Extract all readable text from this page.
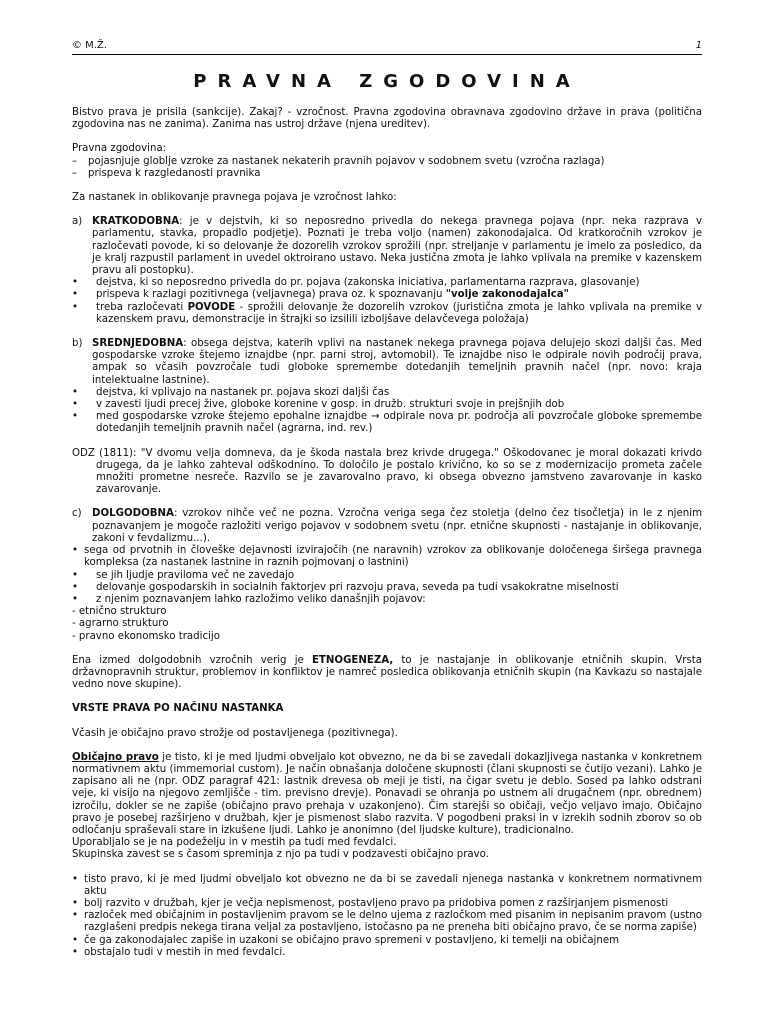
© M.Ž.	1
PRAVNA ZGODOVINA

Bistvo prava je prisila (sankcije). Zakaj? - vzročnost. Pravna zgodovina obravnava zgodovino države in prava (politična zgodovina nas ne zanima). Zanima nas ustroj države (njena ureditev).

Pravna zgodovina:

– pojasnjuje globlje vzroke za nastanek nekaterih pravnih pojavov v sodobnem svetu (vzročna razlaga)
– prispeva k razgledanosti pravnika

Za nastanek in oblikovanje pravnega pojava je vzročnost lahko:

a) KRATKODOBNA: je v dejstvih, ki so neposredno privedla do nekega pravnega pojava (npr. neka razprava v parlamentu, stavka, propadlo podjetje). Poznati je treba voljo (namen) zakonodajalca. Od kratkoročnih vzrokov je razločevati povode, ki so delovanje že dozorelih vzrokov sprožili (npr. streljanje v parlamentu je imelo za posledico, da je kralj razpustil parlament in uvedel oktroirano ustavo. Neka justična zmota je lahko vplivala na premike v kazenskem pravu ali postopku).
• dejstva, ki so neposredno privedla do pr. pojava (zakonska iniciativa, parlamentarna razprava, glasovanje)
• prispeva k razlagi pozitivnega (veljavnega) prava oz. k spoznavanju "volje zakonodajalca"
• treba razločevati POVODE - sprožili delovanje že dozorelih vzrokov (juristična zmota je lahko vplivala na premike v kazenskem pravu, demonstracije in štrajki so izsilili izboljšave delavčevega položaja)
b) SREDNJEDOBNA: obsega dejstva, katerih vplivi na nastanek nekega pravnega pojava delujejo skozi daljši čas. Med gospodarske vzroke štejemo iznajdbe (npr. parni stroj, avtomobil). Te iznajdbe niso le odpirale novih področij prava, ampak so včasih povzročale tudi globoke spremembe dotedanjih temeljnih pravnih načel (npr. novo: kraja intelektualne lastnine).
• dejstva, ki vplivajo na nastanek pr. pojava skozi daljši čas
• v zavesti ljudi precej žive, globoke korenine v gosp. in družb. strukturi svoje in prejšnjih dob
• med gospodarske vzroke štejemo epohalne iznajdbe → odpirale nova pr. področja ali povzročale globoke spremembe dotedanjih temeljnih pravnih načel (agrarna, ind. rev.)

ODZ (1811): "V dvomu velja domneva, da je škoda nastala brez krivde drugega." Oškodovanec je moral dokazati krivdo drugega, da je lahko zahteval odškodnino. To določilo je postalo krivično, ko so se z modernizacijo prometa začele množiti prometne nesreče. Razvilo se je zavarovalno pravo, ki obsega obvezno jamstveno zavarovanje in kasko zavarovanje.

c) DOLGODOBNA: vzrokov nihče več ne pozna. Vzročna veriga sega čez stoletja (delno čez tisočletja) in le z njenim poznavanjem je mogoče razložiti verigo pojavov v sodobnem svetu (npr. etnične skupnosti - nastajanje in oblikovanje, zakoni v fevdalizmu...).
• sega od prvotnih in človeške dejavnosti izvirajočih (ne naravnih) vzrokov za oblikovanje določenega širšega pravnega kompleksa (za nastanek lastnine in raznih pojmovanj o lastnini)
• se jih ljudje praviloma več ne zavedajo
• delovanje gospodarskih in socialnih faktorjev pri razvoju prava, seveda pa tudi vsakokratne miselnosti
• z njenim poznavanjem lahko razložimo veliko današnjih pojavov:

- etnično strukturo

- agrarno strukturo

- pravno ekonomsko tradicijo

Ena izmed dolgodobnih vzročnih verig je ETNOGENEZA, to je nastajanje in oblikovanje etničnih skupin. Vrsta državnopravnih struktur, problemov in konfliktov je namreč posledica oblikovanja etničnih skupin (na Kavkazu so nastajale vedno nove skupine).

VRSTE PRAVA PO NAČINU NASTANKA

Včasih je običajno pravo strožje od postavljenega (pozitivnega).

Običajno pravo je tisto, ki je med ljudmi obveljalo kot obvezno, ne da bi se zavedali dokazljivega nastanka v konkretnem normativnem aktu (immemorial custom). Je način obnašanja določene skupnosti (člani skupnosti se čutijo vezani). Lahko je zapisano ali ne (npr. ODZ paragraf 421: lastnik drevesa ob meji je tisti, na čigar svetu je deblo. Sosed pa lahko odstrani veje, ki visijo na njegovo zemljišče - tim. previsno drevje). Ponavadi se ohranja po ustnem ali drugačnem (npr. obrednem) izročilu, dokler se ne zapiše (običajno pravo prehaja v uzakonjeno). Čim starejši so običaji, večjo veljavo imajo. Običajno pravo je posebej razširjeno v družbah, kjer je pismenost slabo razvita. V pogodbeni praksi in v izrekih sodnih zborov so ob odločanju spraševali stare in izkušene ljudi. Lahko je anonimno (del ljudske kulture), tradicionalno.

Uporabljalo se je na podeželju in v mestih pa tudi med fevdalci.

Skupinska zavest se s časom spreminja z njo pa tudi v podzavesti običajno pravo.

• tisto pravo, ki je med ljudmi obveljalo kot obvezno ne da bi se zavedali njenega nastanka v konkretnem normativnem aktu
• bolj razvito v družbah, kjer je večja nepismenost, postavljeno pravo pa pridobiva pomen z razširjanjem pismenosti
• razloček med običajnim in postavljenim pravom se le delno ujema z razločkom med pisanim in nepisanim pravom (ustno razglašeni predpis nekega tirana veljal za postavljeno, istočasno pa ne preneha biti običajno pravo, če se norma zapiše)
• če ga zakonodajalec zapiše in uzakoni se običajno pravo spremeni v postavljeno, ki temelji na običajnem
• obstajalo tudi v mestih in med fevdalci.
